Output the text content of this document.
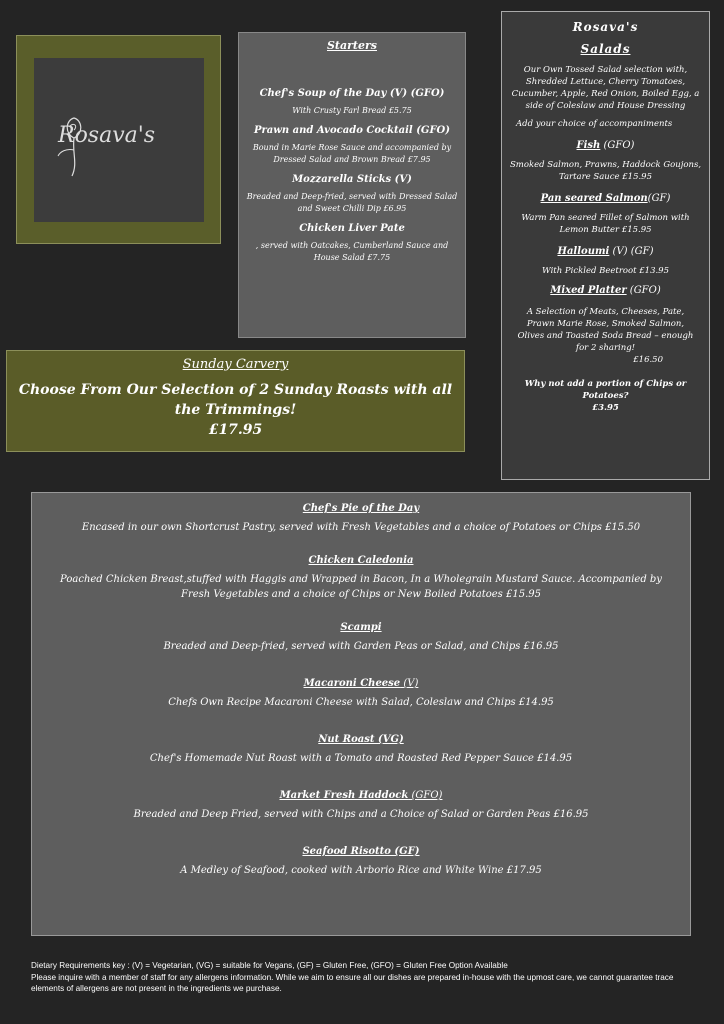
Rosava's
Starters
Chef's Soup of the Day (V) (GFO)
With Crusty Farl Bread £5.75
Prawn and Avocado Cocktail (GFO)
Bound in Marie Rose Sauce and accompanied by Dressed Salad and Brown Bread £7.95
Mozzarella Sticks (V)
Breaded and Deep-fried, served with Dressed Salad and Sweet Chilli Dip £6.95
Chicken Liver Pate
, served with Oatcakes, Cumberland Sauce and House Salad £7.75
Rosava's
Salads
Our Own Tossed Salad selection with, Shredded Lettuce, Cherry Tomatoes, Cucumber, Apple, Red Onion, Boiled Egg, a side of Coleslaw and House Dressing
Add your choice of accompaniments
Fish (GFO)
Smoked Salmon, Prawns, Haddock Goujons, Tartare Sauce £15.95
Pan seared Salmon(GF)
Warm Pan seared Fillet of Salmon with Lemon Butter £15.95
Halloumi (V) (GF)
With Pickled Beetroot £13.95
Mixed Platter (GFO)
A Selection of Meats, Cheeses, Pate, Prawn Marie Rose, Smoked Salmon, Olives and Toasted Soda Bread – enough for 2 sharing!
£16.50
Why not add a portion of Chips or Potatoes?
£3.95
Sunday Carvery
Choose From Our Selection of 2 Sunday Roasts with all the Trimmings!
£17.95
Chef's Pie of the Day
Encased in our own Shortcrust Pastry, served with Fresh Vegetables and a choice of Potatoes or Chips £15.50
Chicken Caledonia
Poached Chicken Breast,stuffed with Haggis and Wrapped in Bacon, In a Wholegrain Mustard Sauce. Accompanied by Fresh Vegetables and a choice of Chips or New Boiled Potatoes £15.95
Scampi
Breaded and Deep-fried, served with Garden Peas or Salad, and Chips £16.95
Macaroni Cheese (V)
Chefs Own Recipe Macaroni Cheese with Salad, Coleslaw and Chips £14.95
Nut Roast (VG)
Chef's Homemade Nut Roast with a Tomato and Roasted Red Pepper Sauce £14.95
Market Fresh Haddock (GFO)
Breaded and Deep Fried, served with Chips and a Choice of Salad or Garden Peas £16.95
Seafood Risotto (GF)
A Medley of Seafood, cooked with Arborio Rice and White Wine £17.95
Dietary Requirements key : (V) = Vegetarian, (VG) = suitable for Vegans, (GF) = Gluten Free, (GFO) = Gluten Free Option Available
Please inquire with a member of staff for any allergens information. While we aim to ensure all our dishes are prepared in-house with the upmost care, we cannot guarantee trace elements of allergens are not present in the ingredients we purchase.
